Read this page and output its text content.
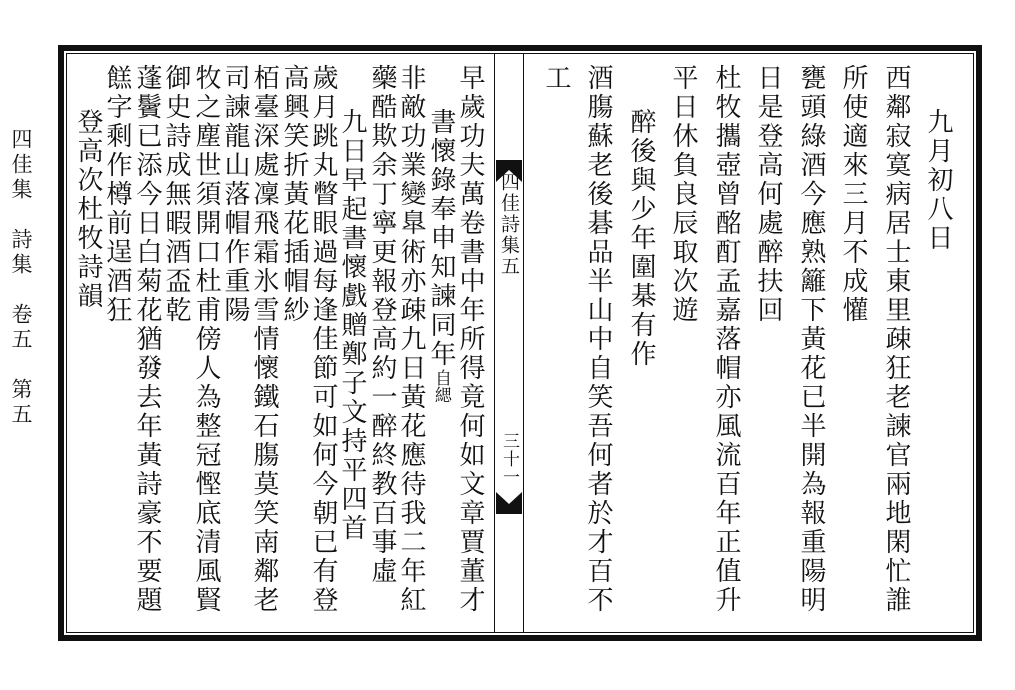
四佳集　詩集　卷五　第五	四佳詩集五
三十一
九月初八日
西鄰寂寞病居士東里疎狂老諫官兩地閑忙誰
所使適來三月不成懽
甕頭綠酒今應熟籬下黃花已半開為報重陽明
日是登高何處醉扶回
杜牧攜壺曾酩酊孟嘉落帽亦風流百年正值升
平日休負良辰取次遊
醉後與少年圍棊有作
酒膓蘇老後碁品半山中自笑吾何者於才百不
工
早歲功夫萬卷書中年所得竟何如文章賈董才
書懷錄奉申知諫同年自緦
非敵功業變臯術亦疎九日黃花應待我二年紅
藥酷欺余丁寧更報登高約一醉終教百事虛
九日早起書懷戲贈鄭子文持平四首
歲月跳丸瞥眼過每逢佳節可如何今朝已有登
高興笑折黃花插帽紗
栢臺深處凜飛霜氷雪情懷鐵石膓莫笑南鄰老
司諫龍山落帽作重陽
牧之塵世須開口杜甫傍人為整冠慳底清風賢
御史詩成無暇酒盃乾
蓬鬢已添今日白菊花猶發去年黃詩豪不要題
餻字剩作樽前逞酒狂
登高次杜牧詩韻
